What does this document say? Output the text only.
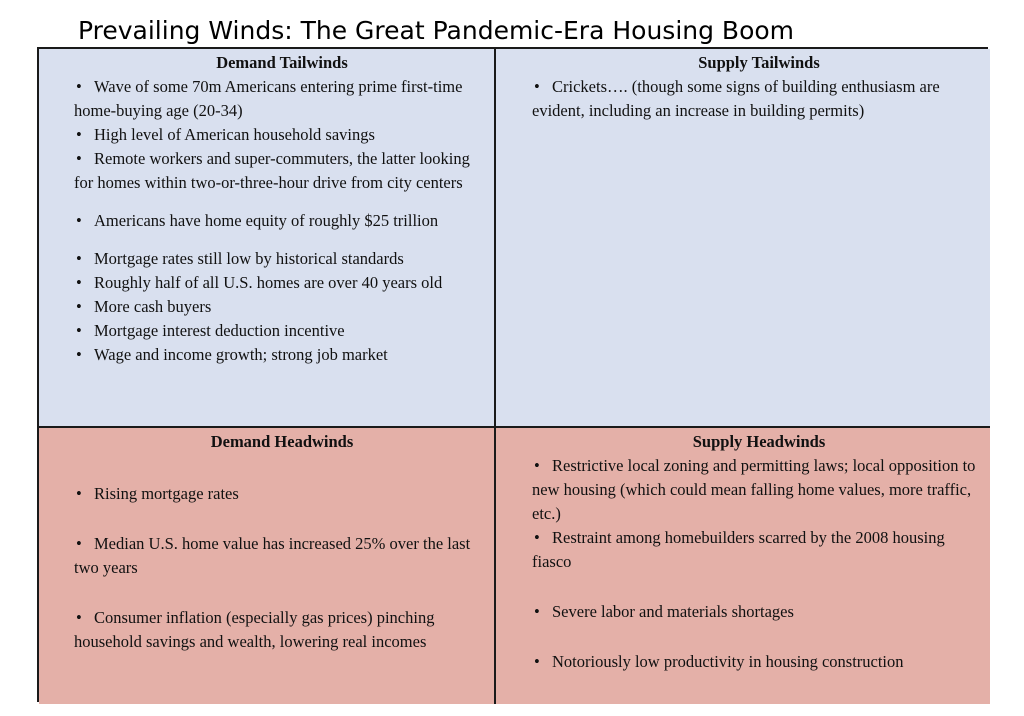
Prevailing Winds: The Great Pandemic-Era Housing Boom

Demand Tailwinds

• Wave of some 70m Americans entering prime first-time home-buying age (20-34)
• High level of American household savings
• Remote workers and super-commuters, the latter looking for homes within two-or-three-hour drive from city centers
• Americans have home equity of roughly $25 trillion
• Mortgage rates still low by historical standards
• Roughly half of all U.S. homes are over 40 years old
• More cash buyers
• Mortgage interest deduction incentive
• Wage and income growth; strong job market

Supply Tailwinds

• Crickets…. (though some signs of building enthusiasm are evident, including an increase in building permits)

Demand Headwinds

• Rising mortgage rates
• Median U.S. home value has increased 25% over the last two years
• Consumer inflation (especially gas prices) pinching household savings and wealth, lowering real incomes

Supply Headwinds

• Restrictive local zoning and permitting laws; local opposition to new housing (which could mean falling home values, more traffic, etc.)
• Restraint among homebuilders scarred by the 2008 housing fiasco
• Severe labor and materials shortages
• Notoriously low productivity in housing construction
